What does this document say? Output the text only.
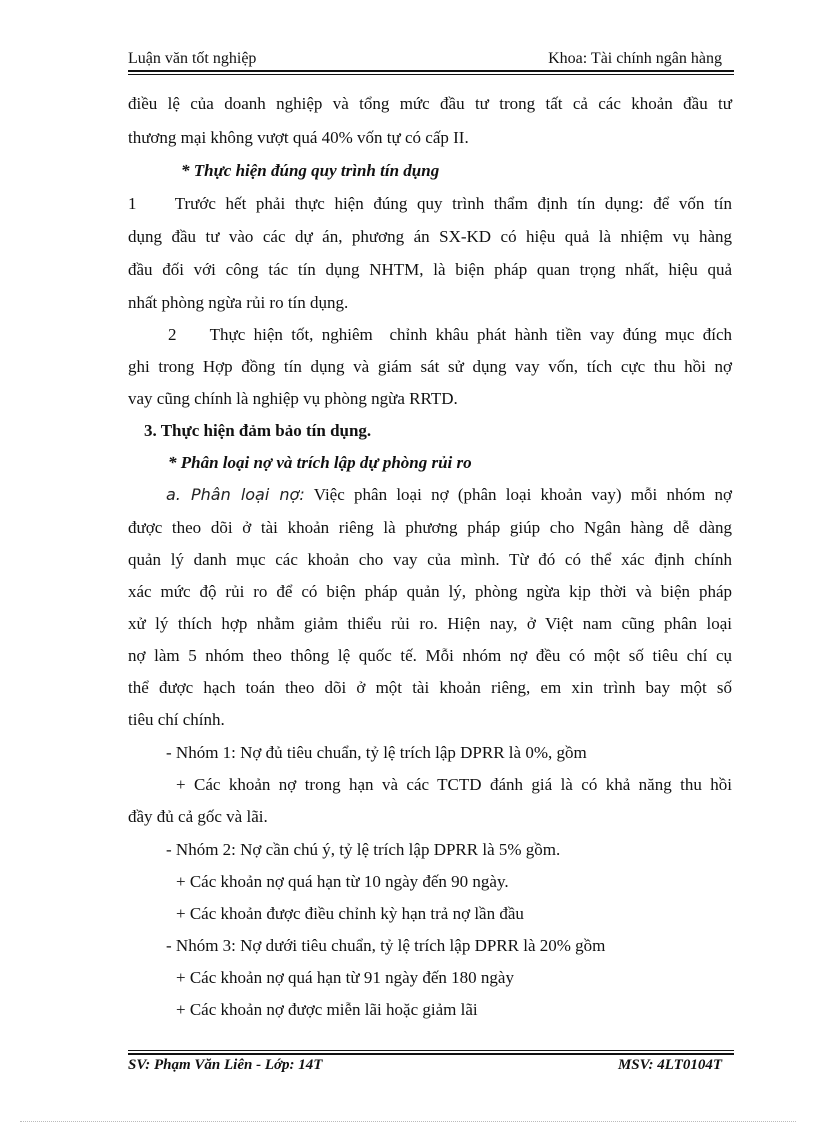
Luận văn tốt nghiệp	Khoa: Tài chính ngân hàng
điều lệ của doanh nghiệp và tổng mức đầu tư trong tất cả các khoản đầu tư
thương mại không vượt quá 40% vốn tự có cấp II.
* Thực hiện đúng quy trình tín dụng
1    Trước hết phải thực hiện đúng quy trình thẩm định tín dụng: để vốn tín
dụng đầu tư vào các dự án, phương án SX-KD có hiệu quả là nhiệm vụ hàng
đầu đối với công tác tín dụng NHTM, là biện pháp quan trọng nhất, hiệu quả
nhất phòng ngừa rủi ro tín dụng.
2    Thực hiện tốt, nghiêm  chỉnh khâu phát hành tiền vay đúng mục đích
ghi trong Hợp đồng tín dụng và giám sát sử dụng vay vốn, tích cực thu hồi nợ
vay cũng chính là nghiệp vụ phòng ngừa RRTD.
3. Thực hiện đảm bảo tín dụng.
* Phân loại nợ và trích lập dự phòng rủi ro
a. Phân loại nợ: Việc phân loại nợ (phân loại khoản vay) mỗi nhóm nợ
được theo dõi ở tài khoản riêng là phương pháp giúp cho Ngân hàng dễ dàng
quản lý danh mục các khoản cho vay của mình. Từ đó có thể xác định chính
xác mức độ rủi ro để có biện pháp quản lý, phòng ngừa kịp thời và biện pháp
xử lý thích hợp nhằm giảm thiểu rủi ro. Hiện nay, ở Việt nam cũng phân loại
nợ làm 5 nhóm theo thông lệ quốc tế. Mỗi nhóm nợ đều có một số tiêu chí cụ
thể được hạch toán theo dõi ở một tài khoản riêng, em xin trình bay một số
tiêu chí chính.
- Nhóm 1: Nợ đủ tiêu chuẩn, tỷ lệ trích lập DPRR là 0%, gồm
+ Các khoản nợ trong hạn và các TCTD đánh giá là có khả năng thu hồi
đầy đủ cả gốc và lãi.
- Nhóm 2: Nợ cần chú ý, tỷ lệ trích lập DPRR là 5% gồm.
+ Các khoản nợ quá hạn từ 10 ngày đến 90 ngày.
+ Các khoản được điều chỉnh kỳ hạn trả nợ lần đầu
- Nhóm 3: Nợ dưới tiêu chuẩn, tỷ lệ trích lập DPRR là 20% gồm
+ Các khoản nợ quá hạn từ 91 ngày đến 180 ngày
+ Các khoản nợ được miễn lãi hoặc giảm lãi
SV: Phạm Văn Liên - Lớp: 14T	MSV: 4LT0104T
